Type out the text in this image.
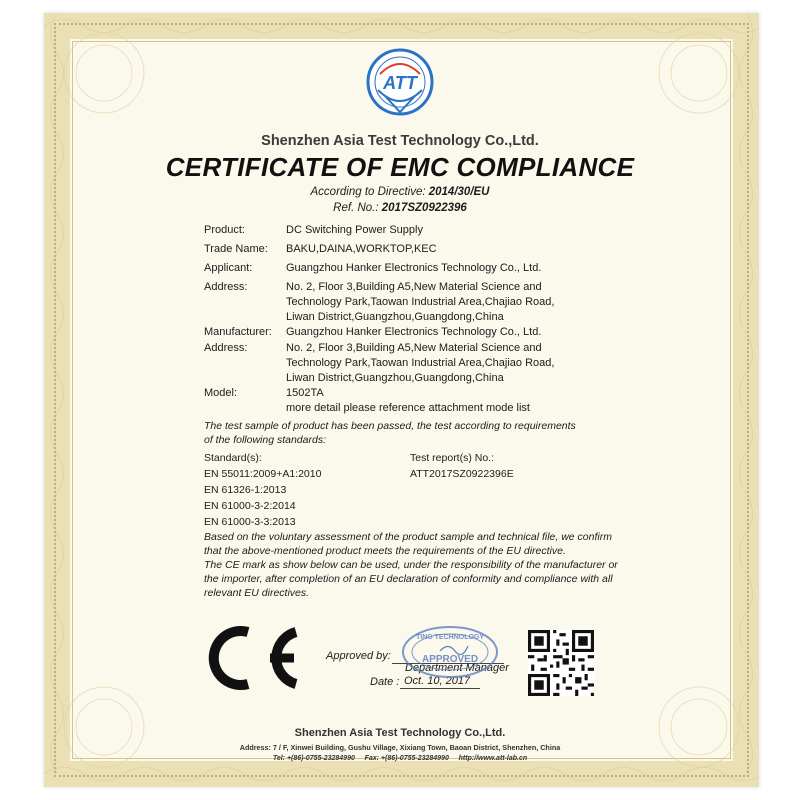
ATT
Shenzhen Asia Test Technology Co.,Ltd.
CERTIFICATE OF EMC COMPLIANCE
According to Directive: 2014/30/EU
Ref. No.: 2017SZ0922396
Product:	DC Switching Power Supply
Trade Name: BAKU,DAINA,WORKTOP,KEC
Applicant:	Guangzhou Hanker Electronics Technology Co., Ltd.
Address:	No. 2, Floor 3,Building A5,New Material Science and
Technology Park,Taowan Industrial Area,Chajiao Road,
Liwan District,Guangzhou,Guangdong,China
Manufacturer: Guangzhou Hanker Electronics Technology Co., Ltd.
Address:	No. 2, Floor 3,Building A5,New Material Science and
Technology Park,Taowan Industrial Area,Chajiao Road,
Liwan District,Guangzhou,Guangdong,China
Model:	1502TA
more detail please reference attachment mode list
The test sample of product has been passed, the test according to requirements
of the following standards:
Standard(s):	Test report(s) No.:
EN 55011:2009+A1:2010	ATT2017SZ0922396E
EN 61326-1:2013
EN 61000-3-2:2014
EN 61000-3-3:2013
Based on the voluntary assessment of the product sample and technical file, we confirm
that the above-mentioned product meets the requirements of the EU directive.
The CE mark as show below can be used, under the responsibility of the manufacturer or
the importer, after completion of an EU declaration of conformity and compliance with all
relevant EU directives.
Approved by:
Department Manager
Date : Oct. 10, 2017
TING TECHNOLOGY
APPROVED
Shenzhen Asia Test Technology Co.,Ltd.
Address: 7 / F, Xinwei Building, Gushu Village, Xixiang Town, Baoan District, Shenzhen, China
Tel: +(86)-0755-23284990 Fax: +(86)-0755-23284990 http://www.att-lab.cn
